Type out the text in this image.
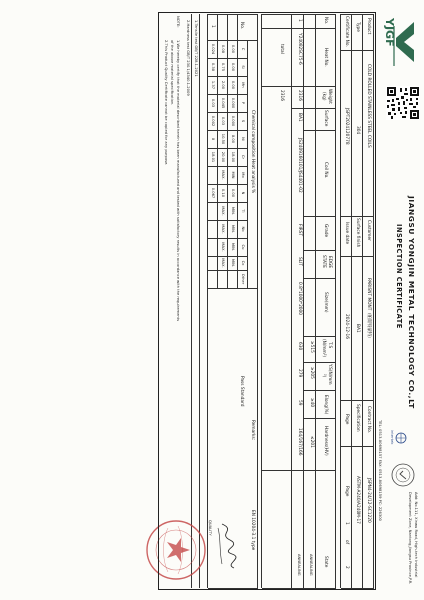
YJGF
JIANGSU YONGJIN METAL TECHNOLOGY CO.,LT
INSPECTION CERTIFICATE
intertek
Add: No.111, Xinwu Road, High-tech Industrial
Development Zone, Nantong,Jiangsu Province,P.R.
TEL: 0513-80698157 FAX: 0513-80698159 PC: 226300
Product
COLD ROLLED STAINLESS STEEL COILS
Customer
PARISNT MONT（帕斯特蒙特）
Contract No.
JSPN4-24/12-SC1220
Type
304
Surface finish
BA1
Specification
ASTM-A240/A240M-17
Certificate No.
JSPT2024120778
Issue date
2024-12-16
Page
Page
1
of
2
No.
Heat No.
Weight
(kg)
Surface
Coil No.
Grade
EDGE
STATE
Size(mm)
T.S
(N/mm²)
Y.S(N/mm
²)
Elong(%)
Hardness(HV)
State
≥515
≥205
≥40
≤201
ANNEALING
1
Y24082SC75-6
2316
BA1
JS2409160101/JS4401-02
FIRST
SLIT
0.8*1000*2000
630
279
59
164/167/166
ANNEALING
total
2316
Chemical composition Heat analysis %
No.
C
Si
Mn
P
S
Ni
Cr
Mo
N
Ti
Nb
Cu
Co
Other
0.00
0.00
0.00
0.000
0.000
8.00
18.00
MIN
0.00
MIN.
MIN.
MIN.
MIN.
0.08
0.75
2.00
0.045
0.03
10.50
20.00
MAX.
0.10
MAX.
MAX.
MAX.
MAX.
0.024
0.38
1.37
0.03
0.002
8
18.01
0.067
1
Remarks:
Pass Standard
EN 10204-3.1 type
1.Tensile test GB/T 228.1-2021
2.Hardness test GB/T 230.1/4340.1-2009
NOTE:
1.We hereby certify that the material described herein has been manufactured and tested with satisfactory results in accordance with the requirements
of the above material specification.
2.This Product Quality Certificate cannot be copied for any purpose.
QUALITY
